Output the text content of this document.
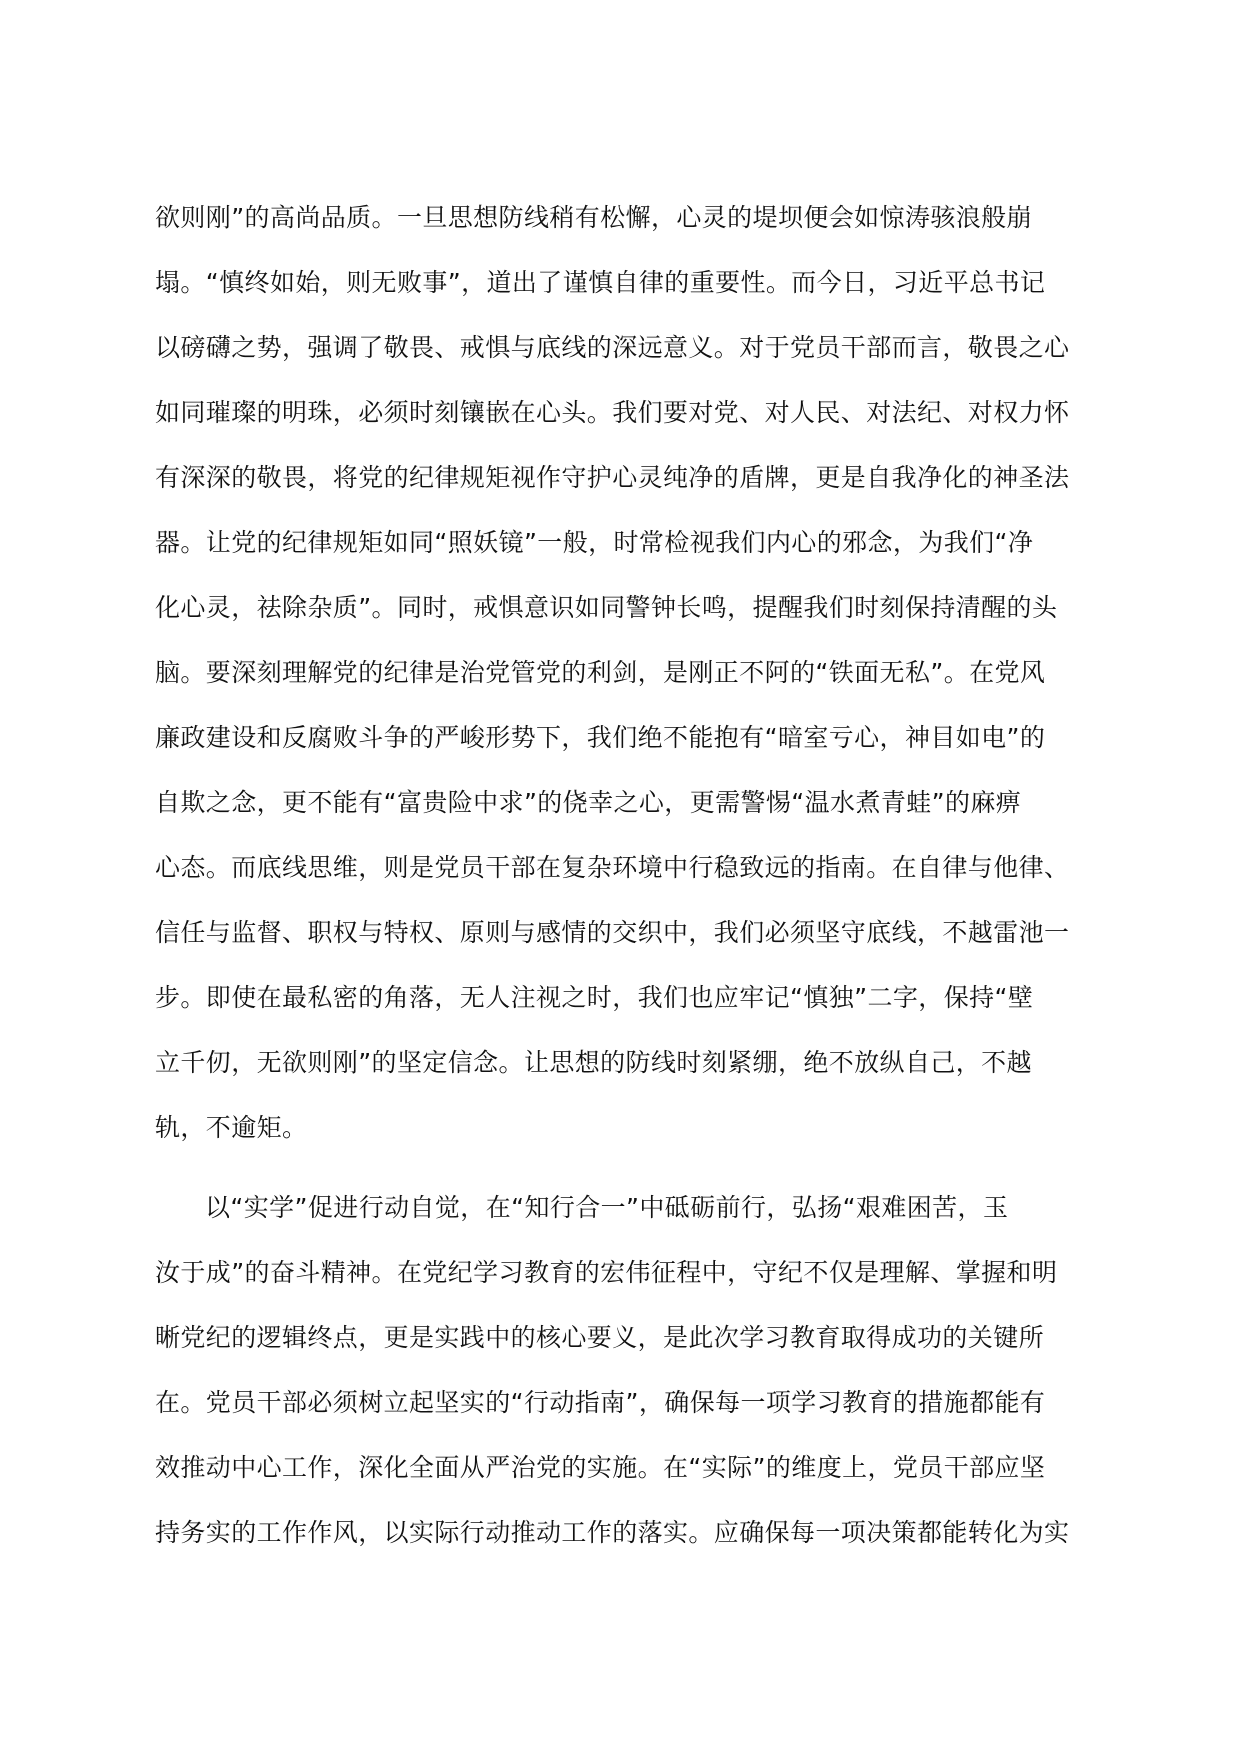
欲则刚”的高尚品质。一旦思想防线稍有松懈，心灵的堤坝便会如惊涛骇浪般崩
塌。“慎终如始，则无败事”，道出了谨慎自律的重要性。而今日，习近平总书记
以磅礴之势，强调了敬畏、戒惧与底线的深远意义。对于党员干部而言，敬畏之心
如同璀璨的明珠，必须时刻镶嵌在心头。我们要对党、对人民、对法纪、对权力怀
有深深的敬畏，将党的纪律规矩视作守护心灵纯净的盾牌，更是自我净化的神圣法
器。让党的纪律规矩如同“照妖镜”一般，时常检视我们内心的邪念，为我们“净
化心灵，祛除杂质”。同时，戒惧意识如同警钟长鸣，提醒我们时刻保持清醒的头
脑。要深刻理解党的纪律是治党管党的利剑，是刚正不阿的“铁面无私”。在党风
廉政建设和反腐败斗争的严峻形势下，我们绝不能抱有“暗室亏心，神目如电”的
自欺之念，更不能有“富贵险中求”的侥幸之心，更需警惕“温水煮青蛙”的麻痹
心态。而底线思维，则是党员干部在复杂环境中行稳致远的指南。在自律与他律、
信任与监督、职权与特权、原则与感情的交织中，我们必须坚守底线，不越雷池一
步。即使在最私密的角落，无人注视之时，我们也应牢记“慎独”二字，保持“壁
立千仞，无欲则刚”的坚定信念。让思想的防线时刻紧绷，绝不放纵自己，不越
轨，不逾矩。
以“实学”促进行动自觉，在“知行合一”中砥砺前行，弘扬“艰难困苦，玉
汝于成”的奋斗精神。在党纪学习教育的宏伟征程中，守纪不仅是理解、掌握和明
晰党纪的逻辑终点，更是实践中的核心要义，是此次学习教育取得成功的关键所
在。党员干部必须树立起坚实的“行动指南”，确保每一项学习教育的措施都能有
效推动中心工作，深化全面从严治党的实施。在“实际”的维度上，党员干部应坚
持务实的工作作风，以实际行动推动工作的落实。应确保每一项决策都能转化为实
